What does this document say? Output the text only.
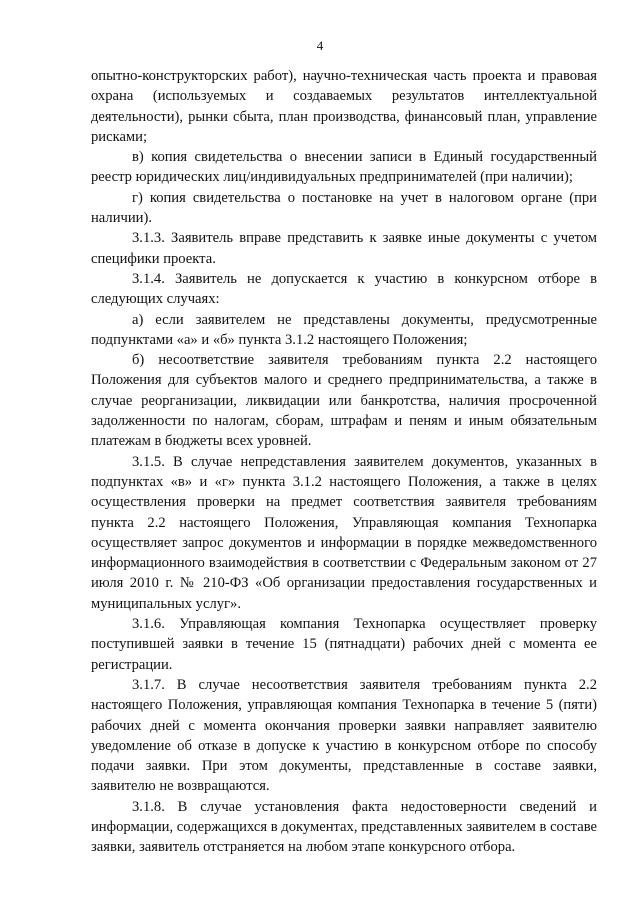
4

опытно-конструкторских работ), научно-техническая часть проекта и правовая охрана (используемых и создаваемых результатов интеллектуальной деятельности), рынки сбыта, план производства, финансовый план, управление рисками;

в) копия свидетельства о внесении записи в Единый государственный реестр юридических лиц/индивидуальных предпринимателей (при наличии);

г) копия свидетельства о постановке на учет в налоговом органе (при наличии).

3.1.3. Заявитель вправе представить к заявке иные документы с учетом специфики проекта.

3.1.4. Заявитель не допускается к участию в конкурсном отборе в следующих случаях:

а) если заявителем не представлены документы, предусмотренные подпунктами «а» и «б» пункта 3.1.2 настоящего Положения;

б) несоответствие заявителя требованиям пункта 2.2 настоящего Положения для субъектов малого и среднего предпринимательства, а также в случае реорганизации, ликвидации или банкротства, наличия просроченной задолженности по налогам, сборам, штрафам и пеням и иным обязательным платежам в бюджеты всех уровней.

3.1.5. В случае непредставления заявителем документов, указанных в подпунктах «в» и «г» пункта 3.1.2 настоящего Положения, а также в целях осуществления проверки на предмет соответствия заявителя требованиям пункта 2.2 настоящего Положения, Управляющая компания Технопарка осуществляет запрос документов и информации в порядке межведомственного информационного взаимодействия в соответствии с Федеральным законом от 27 июля 2010 г. № 210-ФЗ «Об организации предоставления государственных и муниципальных услуг».

3.1.6. Управляющая компания Технопарка осуществляет проверку поступившей заявки в течение 15 (пятнадцати) рабочих дней с момента ее регистрации.

3.1.7. В случае несоответствия заявителя требованиям пункта 2.2 настоящего Положения, управляющая компания Технопарка в течение 5 (пяти) рабочих дней с момента окончания проверки заявки направляет заявителю уведомление об отказе в допуске к участию в конкурсном отборе по способу подачи заявки. При этом документы, представленные в составе заявки, заявителю не возвращаются.

3.1.8. В случае установления факта недостоверности сведений и информации, содержащихся в документах, представленных заявителем в составе заявки, заявитель отстраняется на любом этапе конкурсного отбора.
